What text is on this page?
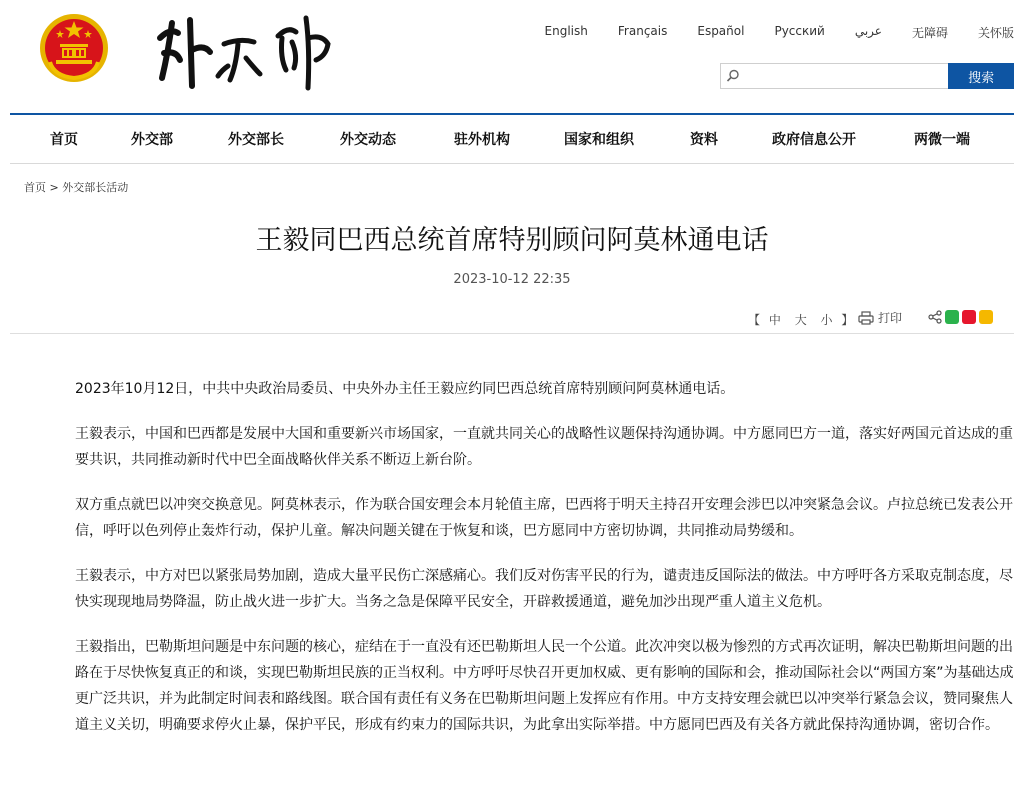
English	Français	Español	Русский	عربي	无障碍	关怀版
搜索
首页	外交部	外交部长	外交动态	驻外机构	国家和组织	资料	政府信息公开	两微一端
首页 > 外交部长活动
王毅同巴西总统首席特别顾问阿莫林通电话
2023-10-12 22:35
【 中 大 小 】 打印

2023年10月12日，中共中央政治局委员、中央外办主任王毅应约同巴西总统首席特别顾问阿莫林通电话。

王毅表示，中国和巴西都是发展中大国和重要新兴市场国家，一直就共同关心的战略性议题保持沟通协调。中方愿同巴方一道，落实好两国元首达成的重要共识，共同推动新时代中巴全面战略伙伴关系不断迈上新台阶。

双方重点就巴以冲突交换意见。阿莫林表示，作为联合国安理会本月轮值主席，巴西将于明天主持召开安理会涉巴以冲突紧急会议。卢拉总统已发表公开信，呼吁以色列停止轰炸行动，保护儿童。解决问题关键在于恢复和谈，巴方愿同中方密切协调，共同推动局势缓和。

王毅表示，中方对巴以紧张局势加剧，造成大量平民伤亡深感痛心。我们反对伤害平民的行为，谴责违反国际法的做法。中方呼吁各方采取克制态度，尽快实现现地局势降温，防止战火进一步扩大。当务之急是保障平民安全，开辟救援通道，避免加沙出现严重人道主义危机。

王毅指出，巴勒斯坦问题是中东问题的核心，症结在于一直没有还巴勒斯坦人民一个公道。此次冲突以极为惨烈的方式再次证明，解决巴勒斯坦问题的出路在于尽快恢复真正的和谈，实现巴勒斯坦民族的正当权利。中方呼吁尽快召开更加权威、更有影响的国际和会，推动国际社会以“两国方案”为基础达成更广泛共识，并为此制定时间表和路线图。联合国有责任有义务在巴勒斯坦问题上发挥应有作用。中方支持安理会就巴以冲突举行紧急会议，赞同聚焦人道主义关切，明确要求停火止暴，保护平民，形成有约束力的国际共识，为此拿出实际举措。中方愿同巴西及有关各方就此保持沟通协调，密切合作。
